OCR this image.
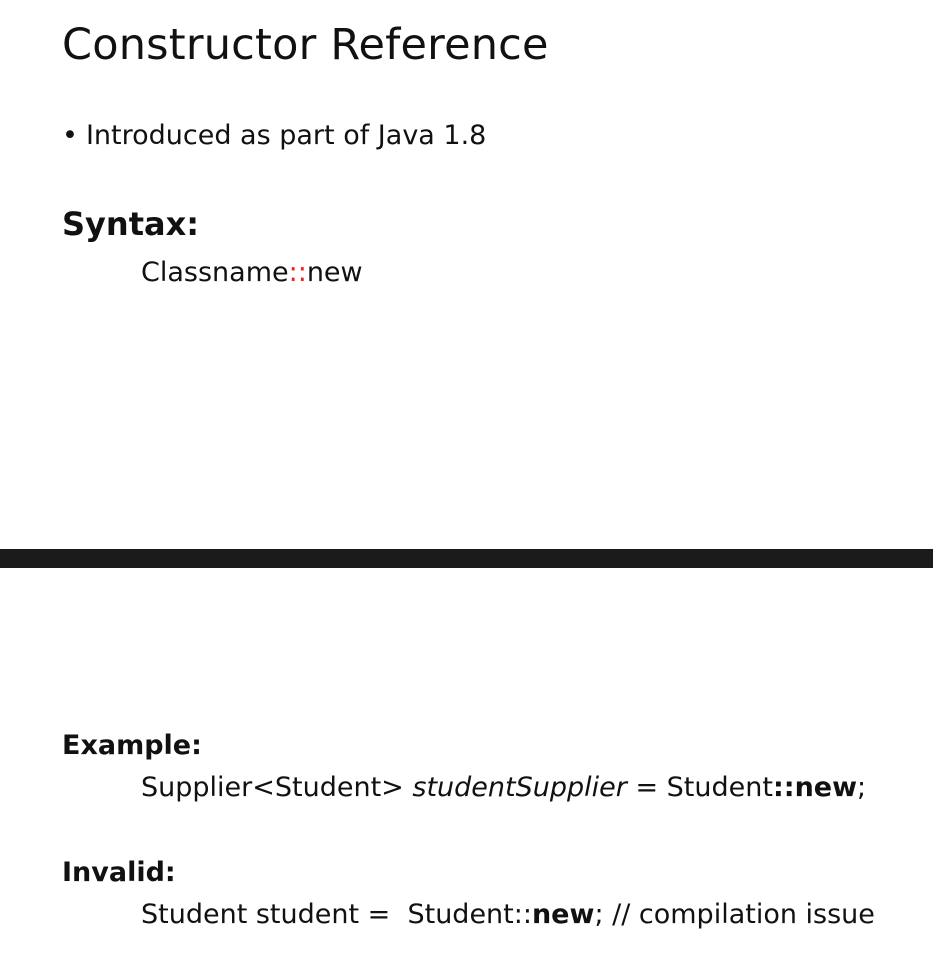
Constructor Reference
• Introduced as part of Java 1.8
Syntax:
Classname::new
Example:
Supplier<Student> studentSupplier = Student::new;
Invalid:
Student student = Student::new; // compilation issue
